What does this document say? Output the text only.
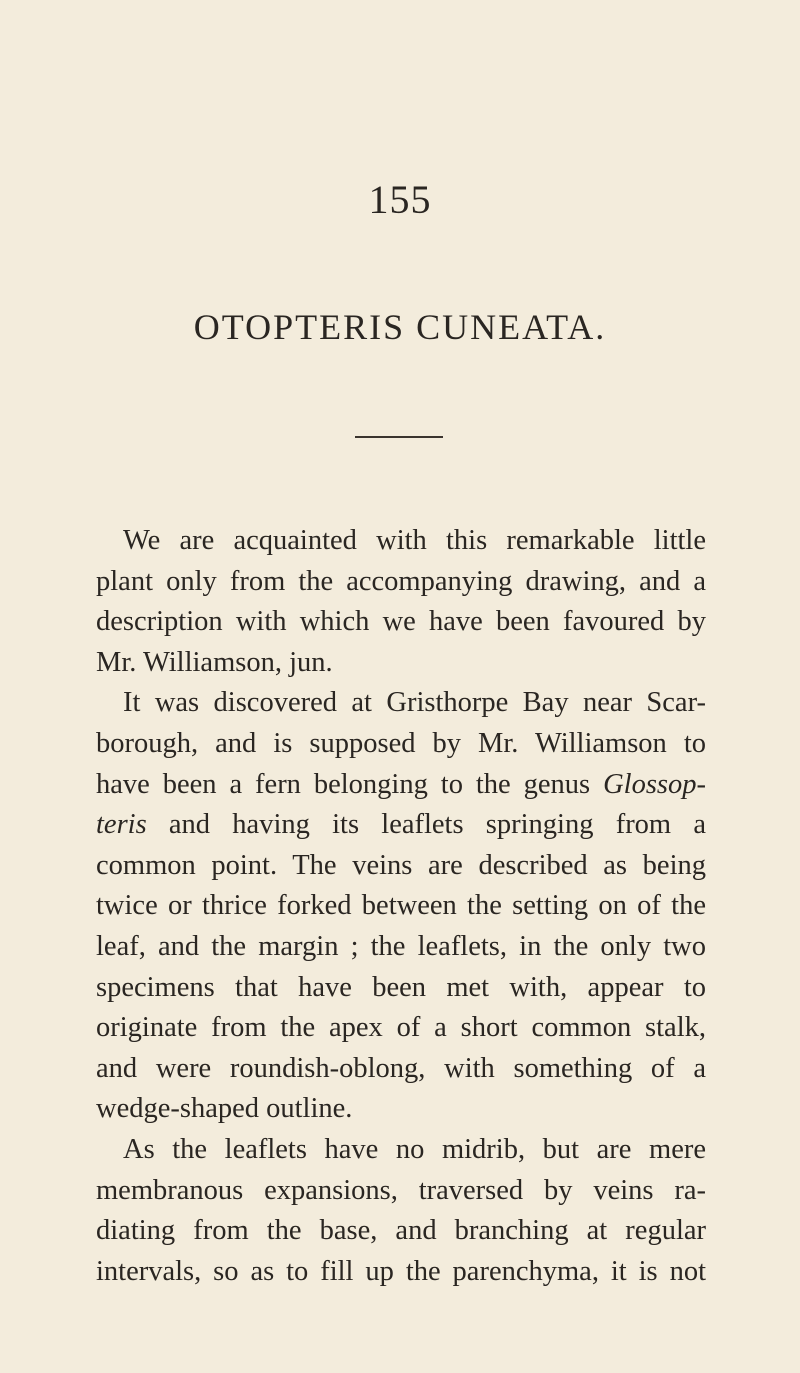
155
OTOPTERIS CUNEATA.
We are acquainted with this remarkable little
plant only from the accompanying drawing, and a
description with which we have been favoured by
Mr. Williamson, jun.
It was discovered at Gristhorpe Bay near Scar-
borough, and is supposed by Mr. Williamson to
have been a fern belonging to the genus Glossop-
teris and having its leaflets springing from a
common point. The veins are described as being
twice or thrice forked between the setting on of the
leaf, and the margin ; the leaflets, in the only two
specimens that have been met with, appear to
originate from the apex of a short common stalk,
and were roundish-oblong, with something of a
wedge-shaped outline.
As the leaflets have no midrib, but are mere
membranous expansions, traversed by veins ra-
diating from the base, and branching at regular
intervals, so as to fill up the parenchyma, it is not
